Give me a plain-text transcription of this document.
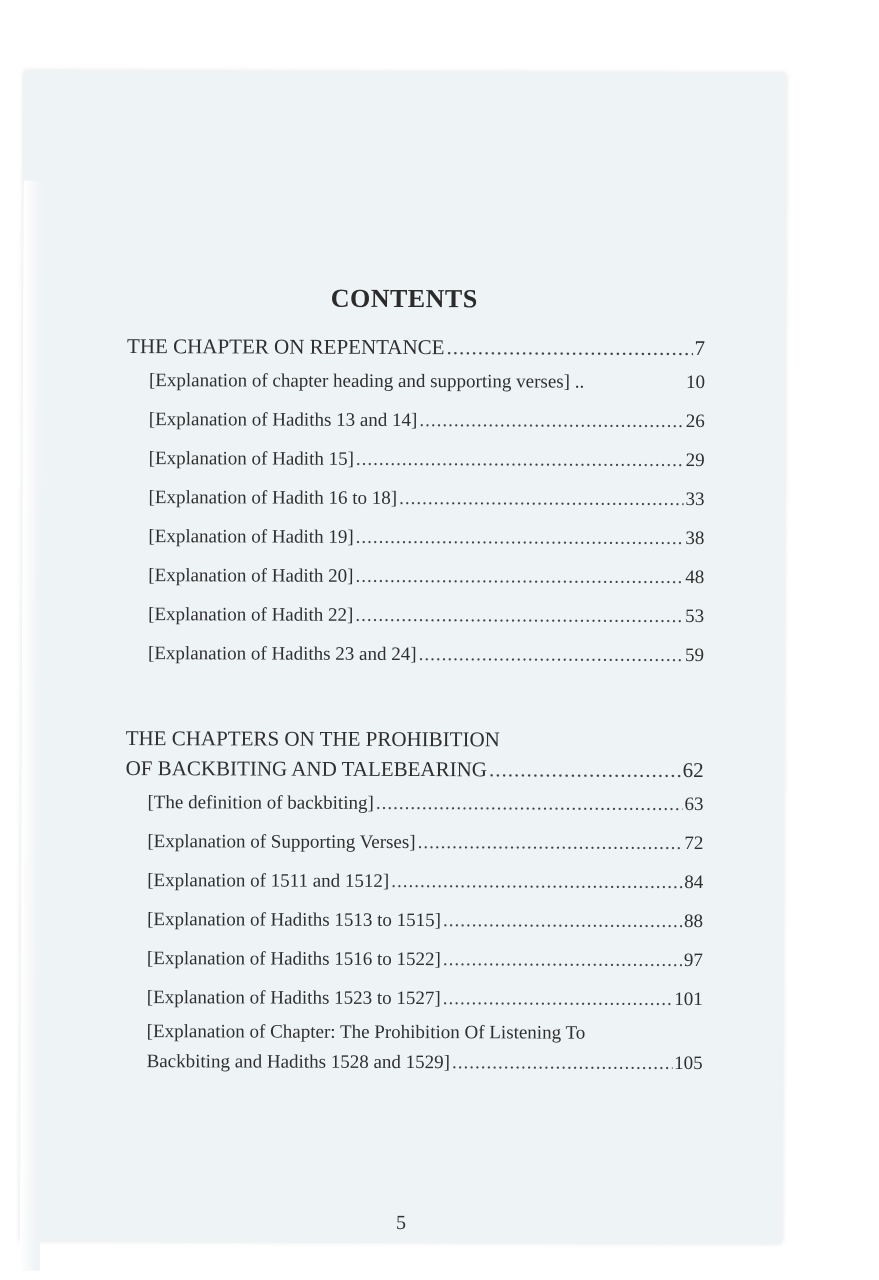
CONTENTS
THE CHAPTER ON REPENTANCE .....	7
[Explanation of chapter heading and supporting verses] ..	10
[Explanation of Hadiths 13 and 14] .....	26
[Explanation of Hadith 15] .....	29
[Explanation of Hadith 16 to 18] .....	33
[Explanation of Hadith 19] .....	38
[Explanation of Hadith 20] .....	48
[Explanation of Hadith 22] .....	53
[Explanation of Hadiths 23 and 24] .....	59
THE CHAPTERS ON THE PROHIBITION
OF BACKBITING AND TALEBEARING .....	62
[The definition of backbiting] .....	63
[Explanation of Supporting Verses] .....	72
[Explanation of 1511 and 1512] .....	84
[Explanation of Hadiths 1513 to 1515] .....	88
[Explanation of Hadiths 1516 to 1522] .....	97
[Explanation of Hadiths 1523 to 1527] .....	101
[Explanation of Chapter: The Prohibition Of Listening To
Backbiting and Hadiths 1528 and 1529] .....	105
5
